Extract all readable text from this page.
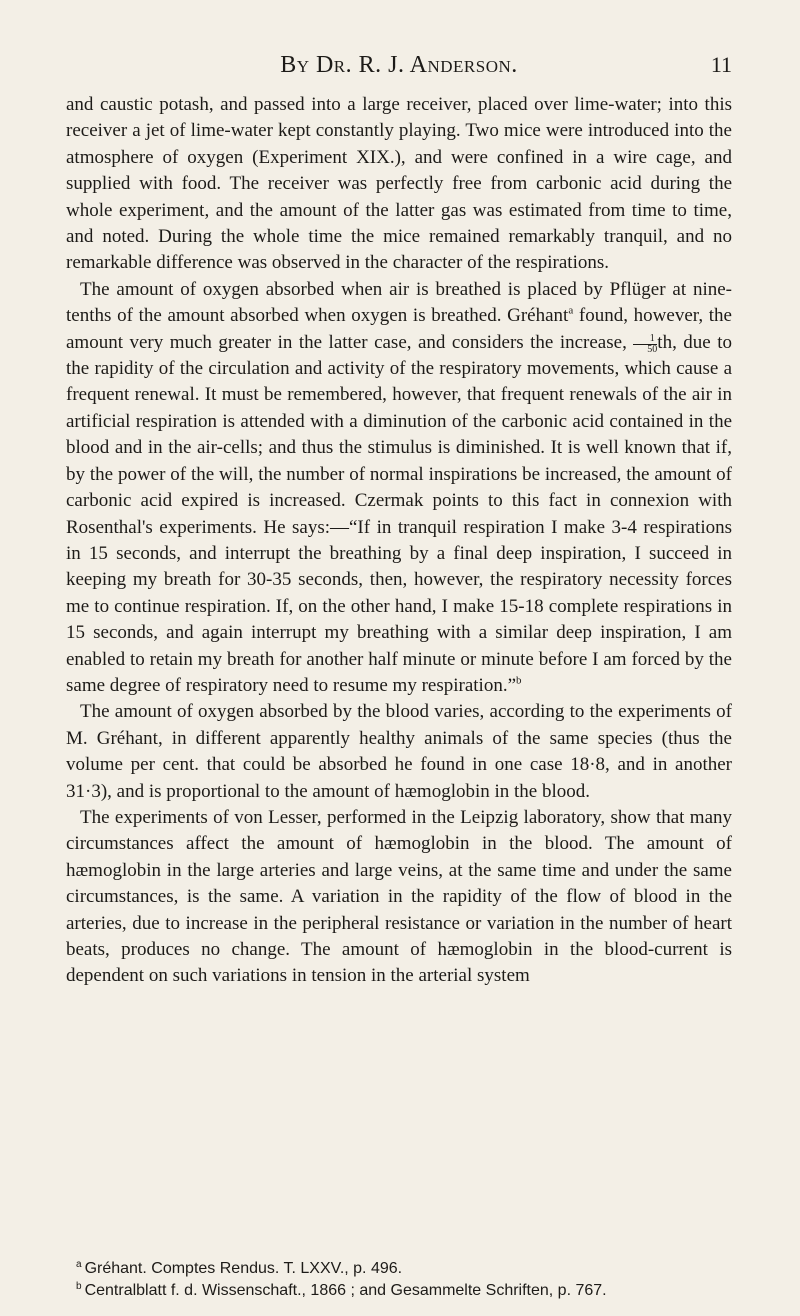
By Dr. R. J. Anderson.	11

and caustic potash, and passed into a large receiver, placed over lime-water; into this receiver a jet of lime-water kept constantly playing. Two mice were introduced into the atmosphere of oxygen (Experiment XIX.), and were confined in a wire cage, and supplied with food. The receiver was perfectly free from carbonic acid during the whole experiment, and the amount of the latter gas was estimated from time to time, and noted. During the whole time the mice remained remarkably tranquil, and no remarkable difference was observed in the character of the respirations.

The amount of oxygen absorbed when air is breathed is placed by Pflüger at nine-tenths of the amount absorbed when oxygen is breathed. Gréhant$^a$ found, however, the amount very much greater in the latter case, and considers the increase, $\frac{1}{50}$ th, due to the rapidity of the circulation and activity of the respiratory movements, which cause a frequent renewal. It must be remembered, however, that frequent renewals of the air in artificial respiration is attended with a diminution of the carbonic acid contained in the blood and in the air-cells; and thus the stimulus is diminished. It is well known that if, by the power of the will, the number of normal inspirations be increased, the amount of carbonic acid expired is increased. Czermak points to this fact in connexion with Rosenthal's experiments. He says:—“If in tranquil respiration I make 3-4 respirations in 15 seconds, and interrupt the breathing by a final deep inspiration, I succeed in keeping my breath for 30-35 seconds, then, however, the respiratory necessity forces me to continue respiration. If, on the other hand, I make 15-18 complete respirations in 15 seconds, and again interrupt my breathing with a similar deep inspiration, I am enabled to retain my breath for another half minute or minute before I am forced by the same degree of respiratory need to resume my respiration.”$^b$

The amount of oxygen absorbed by the blood varies, according to the experiments of M. Gréhant, in different apparently healthy animals of the same species (thus the volume per cent. that could be absorbed he found in one case 18·8, and in another 31·3), and is proportional to the amount of hæmoglobin in the blood.

The experiments of von Lesser, performed in the Leipzig laboratory, show that many circumstances affect the amount of hæmoglobin in the blood. The amount of hæmoglobin in the large arteries and large veins, at the same time and under the same circumstances, is the same. A variation in the rapidity of the flow of blood in the arteries, due to increase in the peripheral resistance or variation in the number of heart beats, produces no change. The amount of hæmoglobin in the blood-current is dependent on such variations in tension in the arterial system

$^a$ Gréhant. Comptes Rendus. T. LXXV., p. 496.
$^b$ Centralblatt f. d. Wissenschaft., 1866 ; and Gesammelte Schriften, p. 767.
